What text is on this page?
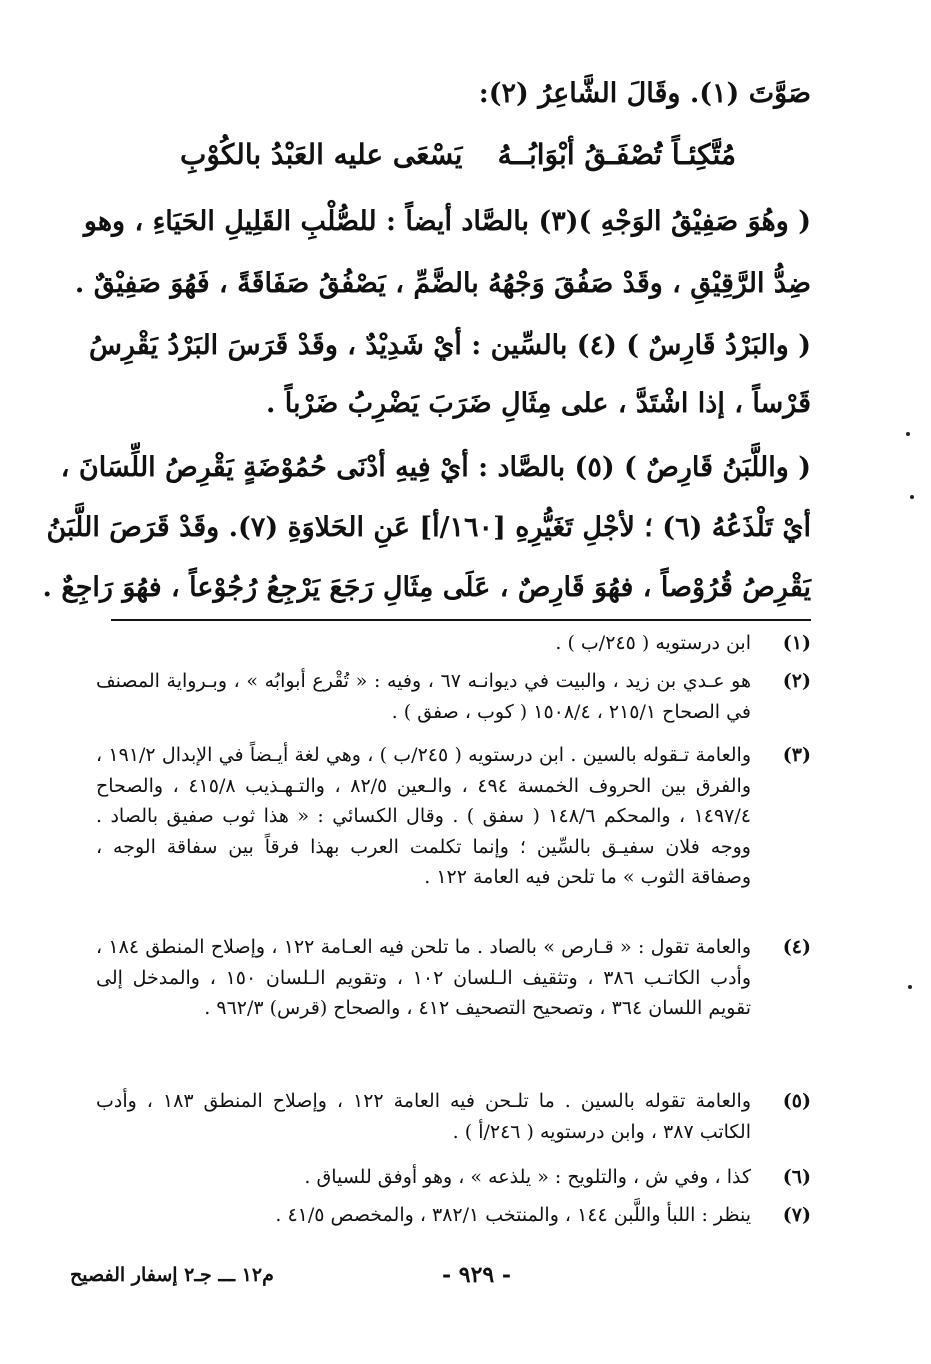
صَوَّتَ (١). وقَالَ الشَّاعِرُ (٢):
مُتَّكِئـاً تُصْفَـقُ أبْوَابُــهُ
يَسْعَى عليه العَبْدُ بالكُوْبِ
( وهُوَ صَفِيْقُ الوَجْهِ )(٣) بالصَّاد أيضاً : للصُّلْبِ القَلِيلِ الحَيَاءِ ، وهو
ضِدُّ الرَّقِيْقِ ، وقَدْ صَفُقَ وَجْهُهُ بالضَّمِّ ، يَصْفُقُ صَفَاقَةً ، فَهُوَ صَفِيْقٌ .
( والبَرْدُ قَارِسٌ ) (٤) بالسِّين : أيْ شَدِيْدٌ ، وقَدْ قَرَسَ البَرْدُ يَقْرِسُ
قَرْساً ، إذا اشْتَدَّ ، على مِثَالِ ضَرَبَ يَضْرِبُ ضَرْباً .
( واللَّبَنُ قَارِصٌ ) (٥) بالصَّاد : أيْ فِيهِ أدْنَى حُمُوْضَةٍ يَقْرِصُ اللِّسَانَ ،
أيْ تَلْذَعُهُ (٦) ؛ لأجْلِ تَغَيُّرِهِ [١٦٠/أ] عَنِ الحَلاوَةِ (٧). وقَدْ قَرَصَ اللَّبَنُ
يَقْرِصُ قُرُوْصاً ، فهُوَ قَارِصٌ ، عَلَى مِثَالِ رَجَعَ يَرْجِعُ رُجُوْعاً ، فهُوَ رَاجِعٌ .
(١)
ابن درستويه ( ٢٤٥/ب ) .
(٢)
هو عـدي بن زيد ، والبيت في ديوانـه ٦٧ ، وفيه : « تُقْرع أبوابُه » ، وبـرواية المصنف في الصحاح ٢١٥/١ ، ١٥٠٨/٤ ( كوب ، صفق ) .
(٣)
والعامة تـقوله بالسين . ابن درستويه ( ٢٤٥/ب ) ، وهي لغة أيـضاً في الإبدال ١٩١/٢ ، والفرق بين الحروف الخمسة ٤٩٤ ، والـعين ٨٢/٥ ، والتـهـذيب ٤١٥/٨ ، والصحاح ١٤٩٧/٤ ، والمحكم ١٤٨/٦ ( سفق ) . وقال الكسائي : « هذا ثوب صفيق بالصاد . ووجه فلان سفيـق بالسِّين ؛ وإنما تكلمت العرب بهذا فرقاً بين سفاقة الوجه ، وصفاقة الثوب » ما تلحن فيه العامة ١٢٢ .
(٤)
والعامة تقول : « قـارص » بالصاد . ما تلحن فيه العـامة ١٢٢ ، وإصلاح المنطق ١٨٤ ، وأدب الكاتـب ٣٨٦ ، وتثقيف الـلسان ١٠٢ ، وتقويم الـلسان ١٥٠ ، والمدخل إلى تقويم اللسان ٣٦٤ ، وتصحيح التصحيف ٤١٢ ، والصحاح (قرس) ٩٦٢/٣ .
(٥)
والعامة تقوله بالسين . ما تلـحن فيه العامة ١٢٢ ، وإصلاح المنطق ١٨٣ ، وأدب الكاتب ٣٨٧ ، وابن درستويه ( ٢٤٦/أ ) .
(٦)
كذا ، وفي ش ، والتلويح : « يلذعه » ، وهو أوفق للسياق .
(٧)
ينظر : اللبأ واللَّبن ١٤٤ ، والمنتخب ٣٨٢/١ ، والمخصص ٤١/٥ .
- ٩٢٩ -
م١٢ ـــ جـ٢ إسفار الفصيح
